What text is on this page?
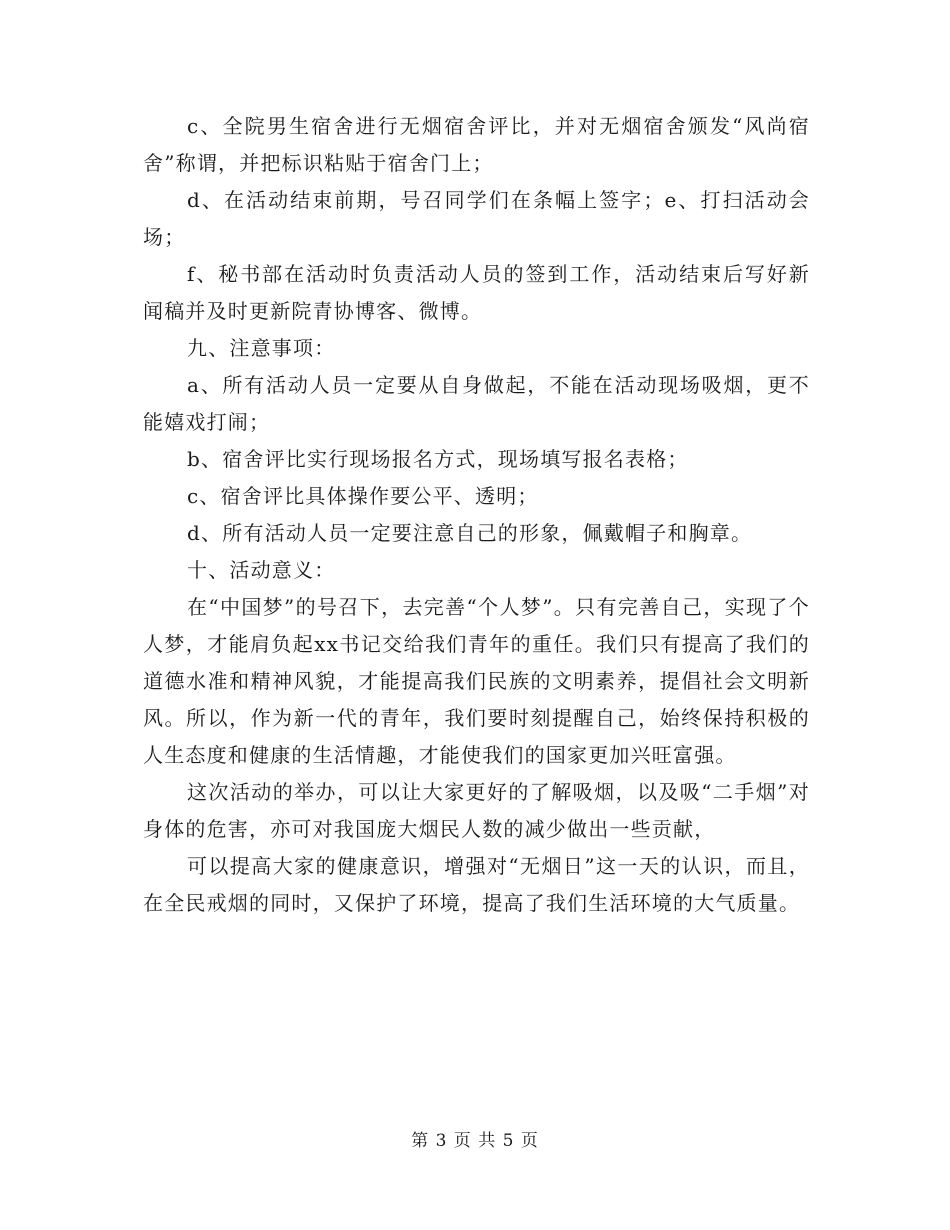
c、全院男生宿舍进行无烟宿舍评比，并对无烟宿舍颁发“风尚宿舍”称谓，并把标识粘贴于宿舍门上；

d、在活动结束前期，号召同学们在条幅上签字；e、打扫活动会场；

f、秘书部在活动时负责活动人员的签到工作，活动结束后写好新闻稿并及时更新院青协博客、微博。

九、注意事项：

a、所有活动人员一定要从自身做起，不能在活动现场吸烟，更不能嬉戏打闹；

b、宿舍评比实行现场报名方式，现场填写报名表格；

c、宿舍评比具体操作要公平、透明；

d、所有活动人员一定要注意自己的形象，佩戴帽子和胸章。

十、活动意义：

在“中国梦”的号召下，去完善“个人梦”。只有完善自己，实现了个人梦，才能肩负起xx书记交给我们青年的重任。我们只有提高了我们的道德水准和精神风貌，才能提高我们民族的文明素养，提倡社会文明新风。所以，作为新一代的青年，我们要时刻提醒自己，始终保持积极的人生态度和健康的生活情趣，才能使我们的国家更加兴旺富强。

这次活动的举办，可以让大家更好的了解吸烟，以及吸“二手烟”对身体的危害，亦可对我国庞大烟民人数的减少做出一些贡献，

可以提高大家的健康意识，增强对“无烟日”这一天的认识，而且，在全民戒烟的同时，又保护了环境，提高了我们生活环境的大气质量。

第 3 页 共 5 页
